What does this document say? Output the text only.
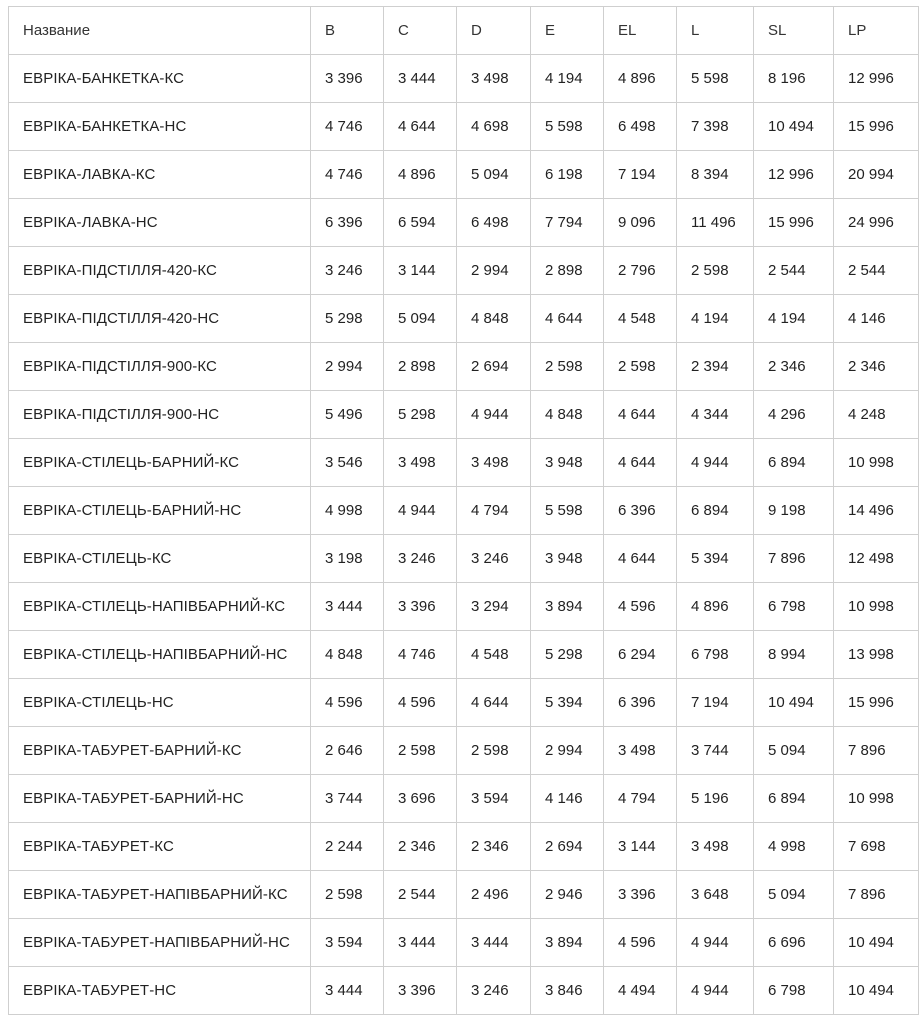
Название	B	C	D	E	EL	L	SL	LP
ЕВРІКА-БАНКЕТКА-КС	3 396	3 444	3 498	4 194	4 896	5 598	8 196	12 996
ЕВРІКА-БАНКЕТКА-НС	4 746	4 644	4 698	5 598	6 498	7 398	10 494	15 996
ЕВРІКА-ЛАВКА-КС	4 746	4 896	5 094	6 198	7 194	8 394	12 996	20 994
ЕВРІКА-ЛАВКА-НС	6 396	6 594	6 498	7 794	9 096	11 496	15 996	24 996
ЕВРІКА-ПІДСТІЛЛЯ-420-КС	3 246	3 144	2 994	2 898	2 796	2 598	2 544	2 544
ЕВРІКА-ПІДСТІЛЛЯ-420-НС	5 298	5 094	4 848	4 644	4 548	4 194	4 194	4 146
ЕВРІКА-ПІДСТІЛЛЯ-900-КС	2 994	2 898	2 694	2 598	2 598	2 394	2 346	2 346
ЕВРІКА-ПІДСТІЛЛЯ-900-НС	5 496	5 298	4 944	4 848	4 644	4 344	4 296	4 248
ЕВРІКА-СТІЛЕЦЬ-БАРНИЙ-КС	3 546	3 498	3 498	3 948	4 644	4 944	6 894	10 998
ЕВРІКА-СТІЛЕЦЬ-БАРНИЙ-НС	4 998	4 944	4 794	5 598	6 396	6 894	9 198	14 496
ЕВРІКА-СТІЛЕЦЬ-КС	3 198	3 246	3 246	3 948	4 644	5 394	7 896	12 498
ЕВРІКА-СТІЛЕЦЬ-НАПІВБАРНИЙ-КС	3 444	3 396	3 294	3 894	4 596	4 896	6 798	10 998
ЕВРІКА-СТІЛЕЦЬ-НАПІВБАРНИЙ-НС	4 848	4 746	4 548	5 298	6 294	6 798	8 994	13 998
ЕВРІКА-СТІЛЕЦЬ-НС	4 596	4 596	4 644	5 394	6 396	7 194	10 494	15 996
ЕВРІКА-ТАБУРЕТ-БАРНИЙ-КС	2 646	2 598	2 598	2 994	3 498	3 744	5 094	7 896
ЕВРІКА-ТАБУРЕТ-БАРНИЙ-НС	3 744	3 696	3 594	4 146	4 794	5 196	6 894	10 998
ЕВРІКА-ТАБУРЕТ-КС	2 244	2 346	2 346	2 694	3 144	3 498	4 998	7 698
ЕВРІКА-ТАБУРЕТ-НАПІВБАРНИЙ-КС	2 598	2 544	2 496	2 946	3 396	3 648	5 094	7 896
ЕВРІКА-ТАБУРЕТ-НАПІВБАРНИЙ-НС	3 594	3 444	3 444	3 894	4 596	4 944	6 696	10 494
ЕВРІКА-ТАБУРЕТ-НС	3 444	3 396	3 246	3 846	4 494	4 944	6 798	10 494
